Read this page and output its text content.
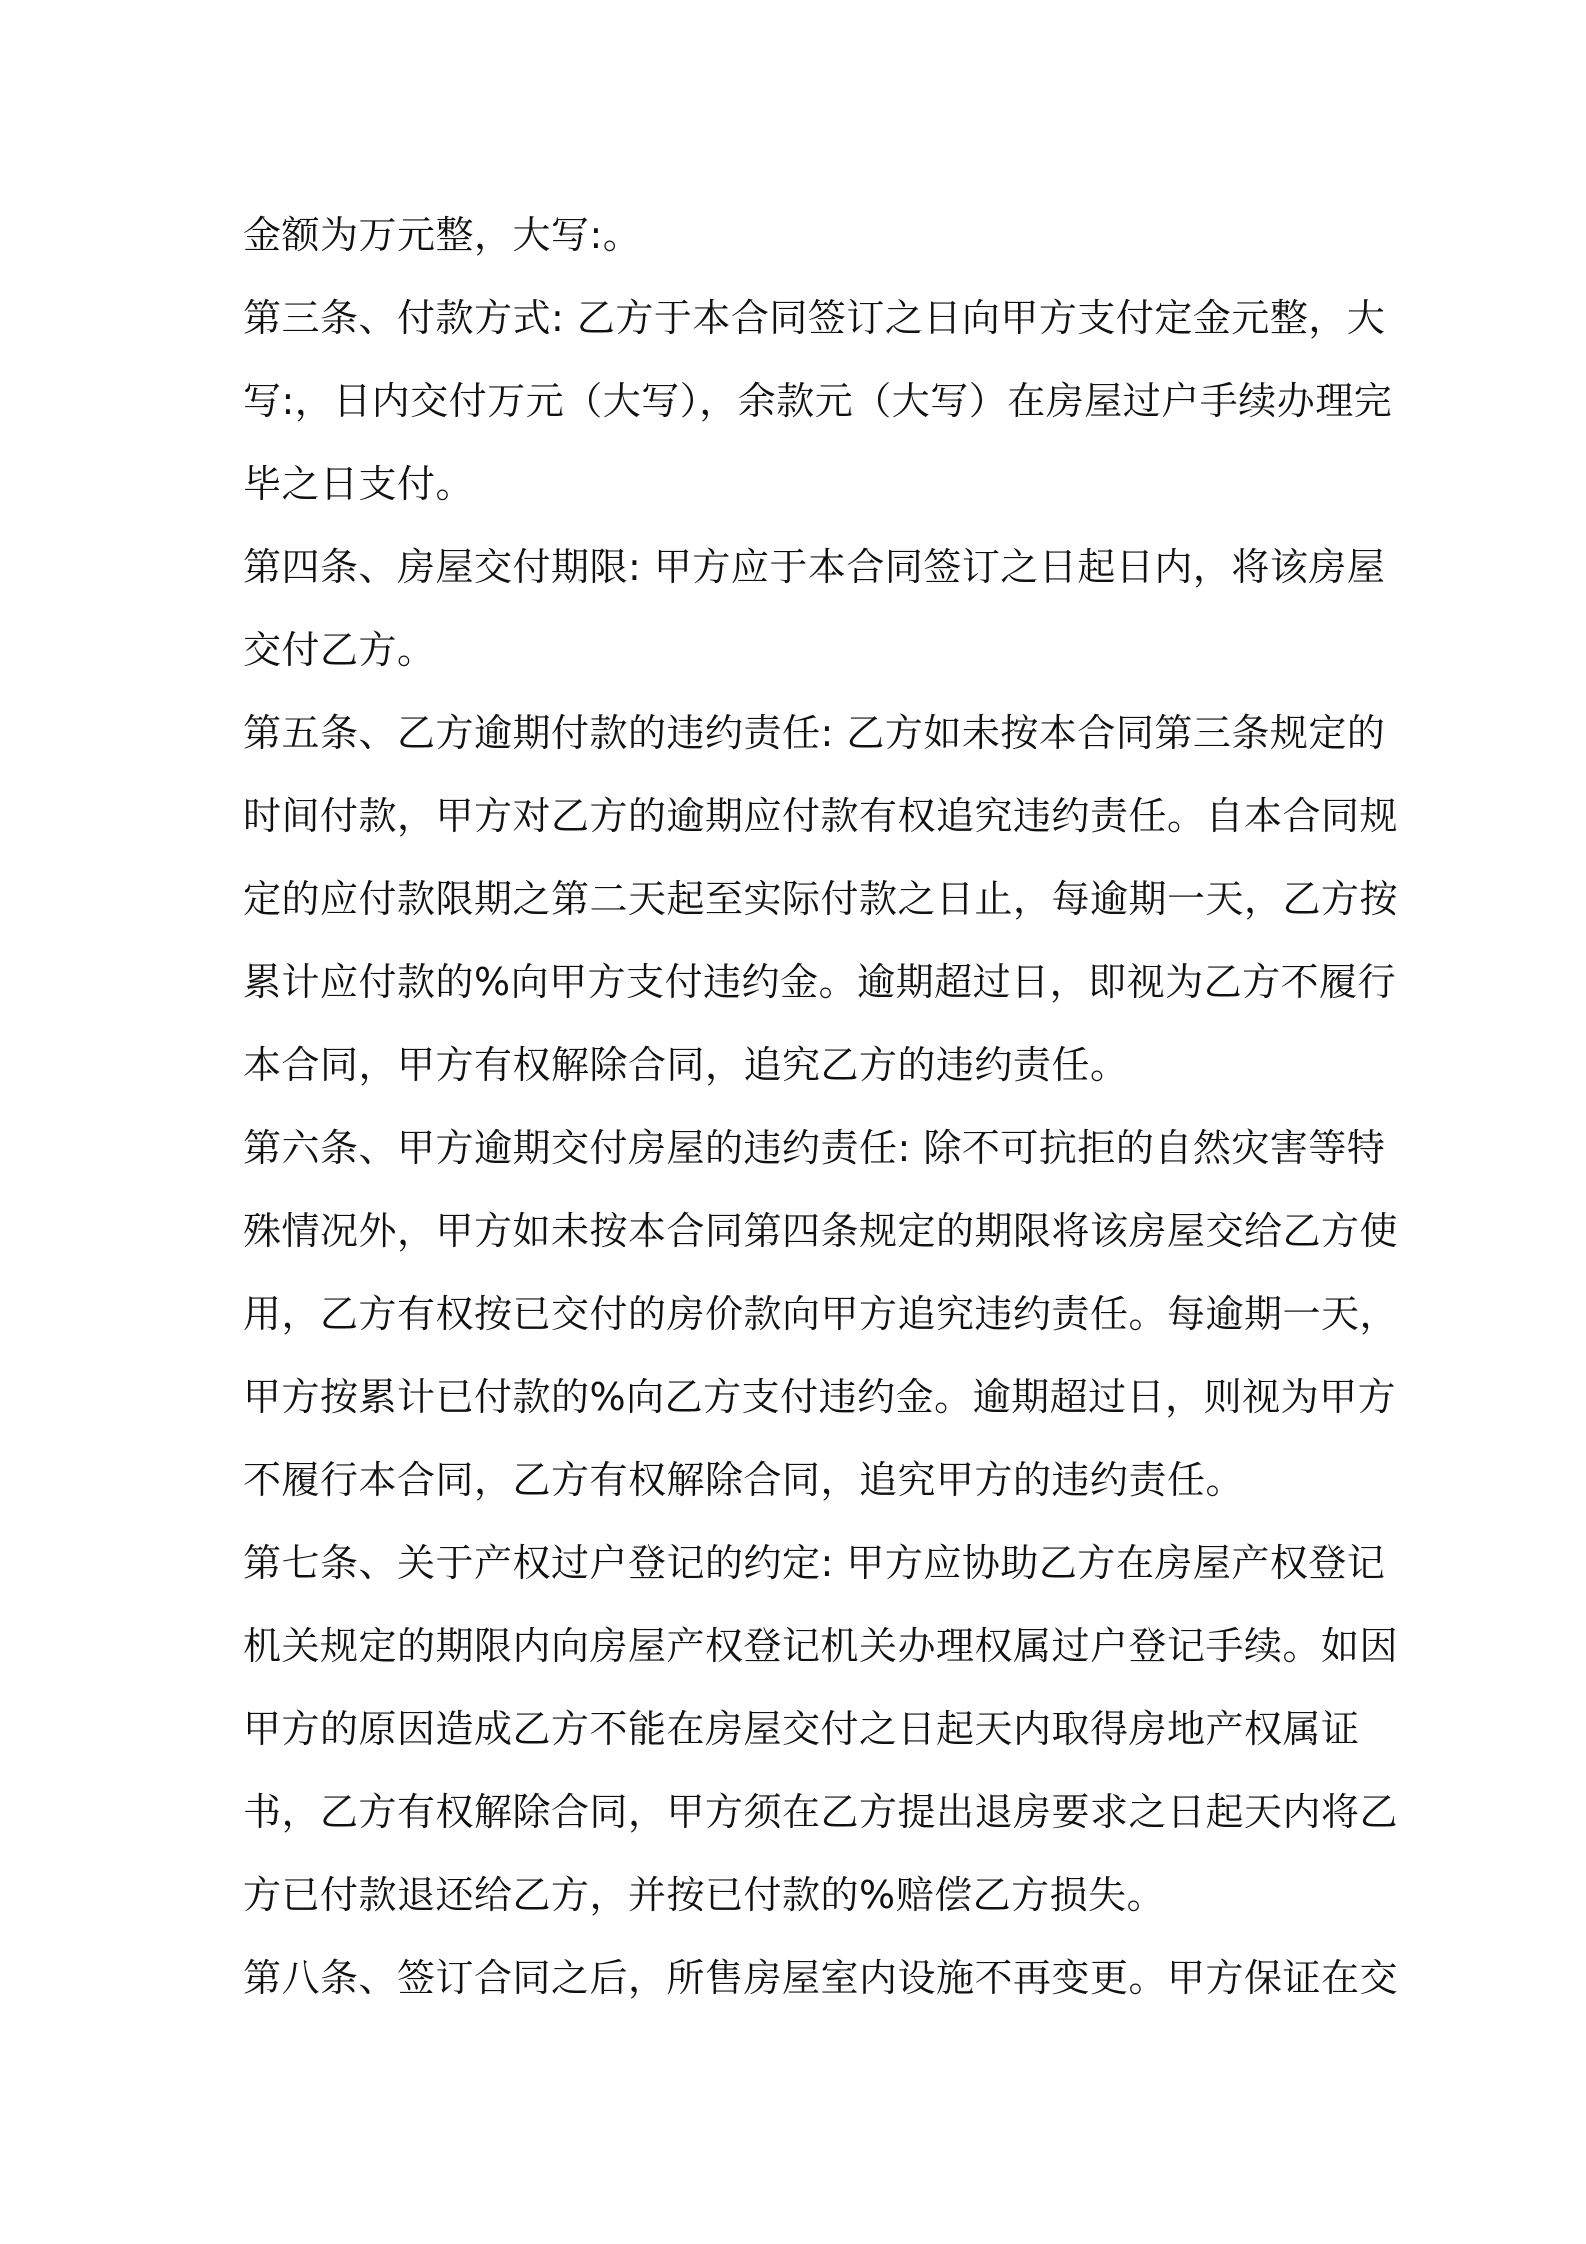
金额为万元整，大写:。

第三条、付款方式: 乙方于本合同签订之日向甲方支付定金元整，大
写:，日内交付万元（大写），余款元（大写）在房屋过户手续办理完
毕之日支付。

第四条、房屋交付期限: 甲方应于本合同签订之日起日内，将该房屋
交付乙方。

第五条、乙方逾期付款的违约责任: 乙方如未按本合同第三条规定的
时间付款，甲方对乙方的逾期应付款有权追究违约责任。自本合同规
定的应付款限期之第二天起至实际付款之日止，每逾期一天，乙方按
累计应付款的%向甲方支付违约金。逾期超过日，即视为乙方不履行
本合同，甲方有权解除合同，追究乙方的违约责任。

第六条、甲方逾期交付房屋的违约责任: 除不可抗拒的自然灾害等特
殊情况外，甲方如未按本合同第四条规定的期限将该房屋交给乙方使
用，乙方有权按已交付的房价款向甲方追究违约责任。每逾期一天，
甲方按累计已付款的%向乙方支付违约金。逾期超过日，则视为甲方
不履行本合同，乙方有权解除合同，追究甲方的违约责任。

第七条、关于产权过户登记的约定: 甲方应协助乙方在房屋产权登记
机关规定的期限内向房屋产权登记机关办理权属过户登记手续。如因
甲方的原因造成乙方不能在房屋交付之日起天内取得房地产权属证
书，乙方有权解除合同，甲方须在乙方提出退房要求之日起天内将乙
方已付款退还给乙方，并按已付款的%赔偿乙方损失。

第八条、签订合同之后，所售房屋室内设施不再变更。甲方保证在交
